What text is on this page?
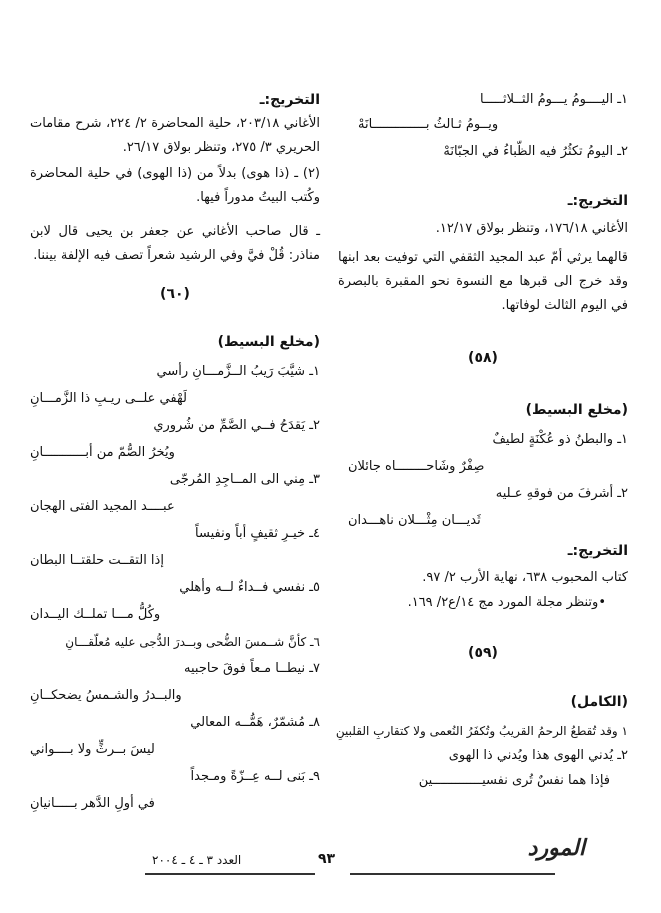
١ـ اليــــومُ يـــومُ الثــلاثـــــا
ويــومُ ثـالثُ بــــــــــــــانَهْ
٢ـ اليومُ تكثُرُ فيه الظّباءُ في الجبّانَهْ
التخريج:ـ
الأغاني ١٧٦/١٨، وتنظر بولاق ١٢/١٧.
قالهما يرثي أمّ عبد المجيد الثقفي التي توفيت بعد ابنها وقد خرج الى قبرها مع النسوة نحو المقبرة بالبصرة في اليوم الثالث لوفاتها.
(٥٨)
(مخلع البسيط)
١ـ والبطنُ ذو عُكْنَةٍ لطيفٌ
صِفْرٌ وشَاحــــــــاه جائلان
٢ـ أشرفَ من فوقهِ عـليه
ثَديـــان مِثْـــلان ناهـــدان
التخريج:ـ
كتاب المحبوب ٦٣٨، نهاية الأرب ٢/ ٩٧.
•وتنظر مجلة المورد مج ١٤/ع٢/ ١٦٩.
(٥٩)
(الكامل)
١ وقد تُقطعُ الرحمُ القريبُ وتُكفَرُ النُعمى ولا كتقاربِ القلبينِ
٢ـ يُدني الهوى هذا ويُدني ذا الهوى
فإذا هما نفسٌ تُرى نفسيـــــــــــــين
التخريج:ـ
الأغاني ٢٠٣/١٨، حلية المحاضرة ٢/ ٢٢٤، شرح مقامات الحريري ٣/ ٢٧٥، وتنظر بولاق ٢٦/١٧.
(٢) ـ (ذا هوى) بدلاً من (ذا الهوى) في حلية المحاضرة وكُتب البيتُ مدوراً فيها.
ـ قال صاحب الأغاني عن جعفر بن يحيى قال لابن مناذر: قُلْ فيَّ وفي الرشيد شعراً تصف فيه الإلفة بيننا.
(٦٠)
(مخلع البسيط)
١ـ شيَّبَ رَيبُ الــزَّمـــانِ رأسي
لَهْفي علــى ريـبِ ذا الزَّمـــانِ
٢ـ يَقدَحُ فــي الصَّمِّ من شُروري
ويُخرُ الصُّمّ من أبـــــــــــانِ
٣ـ مِني الى المــاجِدِ المُرجّى
عبــــد المجيد الفتى الهجان
٤ـ خيـرِ ثقيفٍ أباً ونفيساً
إذا التقــت حلقتــا البطان
٥ـ نفسي فــداءٌ لــه وأهلي
وكُلُّ مـــا تملــك اليــدان
٦ـ كأنَّ شــمسَ الضُّحى وبــدرَ الدُّجى عليه مُعلّقـــانِ
٧ـ نيطــا مـعاً فوقَ حاجبيه
والبــدرُ والشـمسُ يضحكــانِ
٨ـ مُشمّرٌ، هَمُّــه المعالي
ليسَ بــرثٍّ ولا بــــواني
٩ـ بَنى لــه عِــزّةً ومـجداً
في أولِ الدَّهر بـــــانيانِ
العدد ٣ ـ ٤ ـ ٢٠٠٤	٩٣	المورد
